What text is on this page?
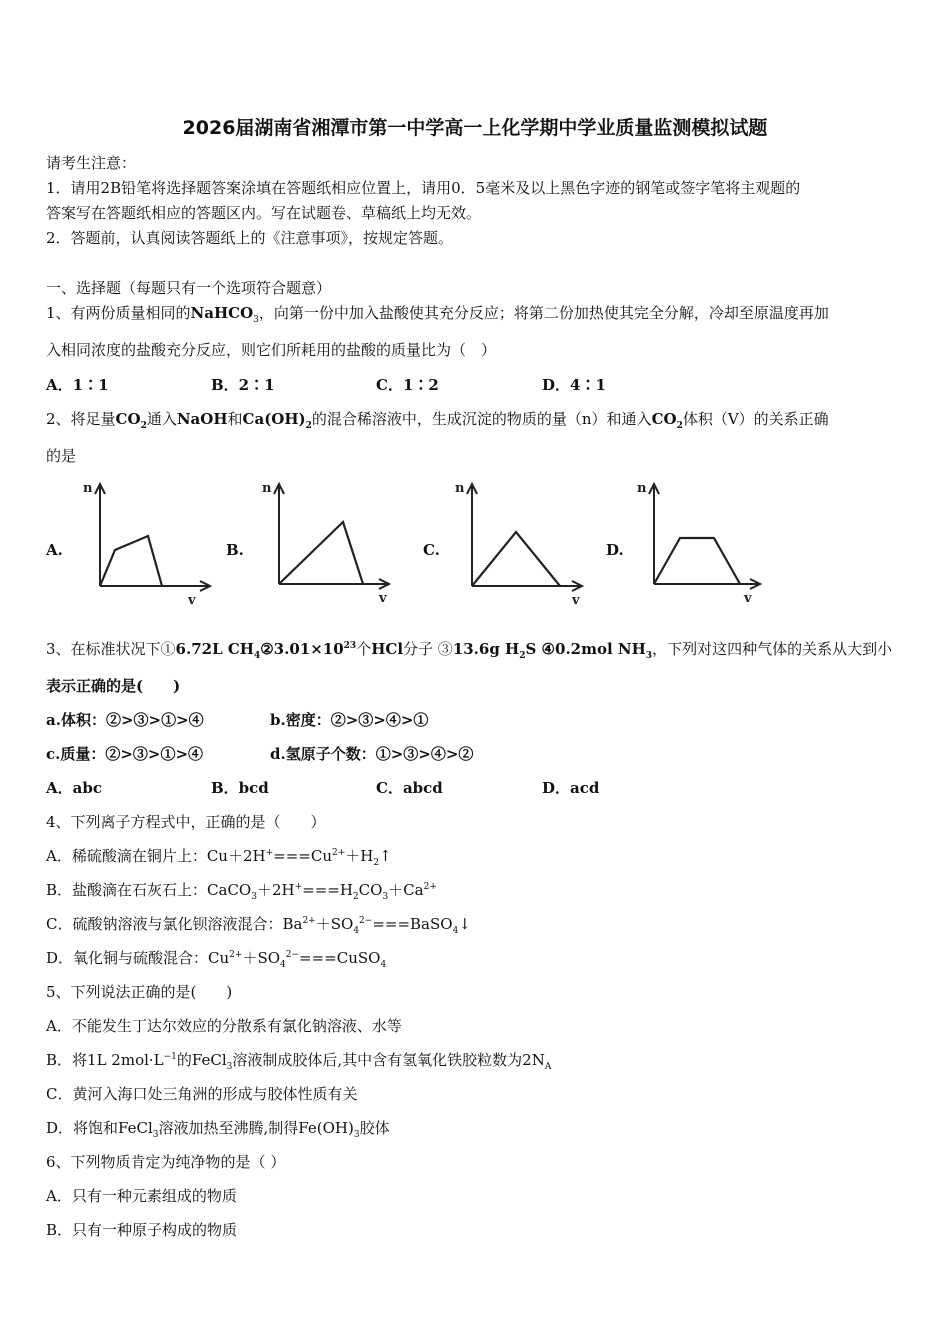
2026届湖南省湘潭市第一中学高一上化学期中学业质量监测模拟试题
请考生注意：
1．请用2B铅笔将选择题答案涂填在答题纸相应位置上，请用0．5毫米及以上黑色字迹的钢笔或签字笔将主观题的
答案写在答题纸相应的答题区内。写在试题卷、草稿纸上均无效。
2．答题前，认真阅读答题纸上的《注意事项》，按规定答题。
一、选择题（每题只有一个选项符合题意）
1、有两份质量相同的NaHCO$_3$，向第一份中加入盐酸使其充分反应；将第二份加热使其完全分解，冷却至原温度再加
入相同浓度的盐酸充分反应，则它们所耗用的盐酸的质量比为（　）
A．1∶1	B．2∶1	C．1∶2	D．4∶1
2、将足量$CO_2$通入NaOH和$Ca(OH)_2$的混合稀溶液中，生成沉淀的物质的量（n）和通入$CO_2$体积（V）的关系正确
的是
A.	B.	C.	D.
n
v
n
v
n
v
n
v
3、在标准状况下①6.72L $CH_4②3.01\times 10^{23}$个HCl分子 ③13.6g $H_2S$ ④0.2mol $NH_3$，下列对这四种气体的关系从大到小
表示正确的是(　　)
a.体积：②>③>①>④	b.密度：②>③>④>①
c.质量：②>③>①>④	d.氢原子个数：①>③>④>②
A．abc	B．bcd	C．abcd	D．acd
4、下列离子方程式中，正确的是（　　）
A．稀硫酸滴在铜片上：$Cu+2H^+===Cu^{2+}+H_2↑$
B．盐酸滴在石灰石上：$CaCO_3+2H^+===H_2CO_3+Ca^{2+}$
C．硫酸钠溶液与氯化钡溶液混合：$Ba^{2+}+SO_4^{2-}===BaSO_4↓$
D．氧化铜与硫酸混合：$Cu^{2+}+SO_4^{2-}===CuSO_4$
5、下列说法正确的是(　　)
A．不能发生丁达尔效应的分散系有氯化钠溶液、水等
B．将1L $2mol\cdot L^{-1}$的FeCl$_3$溶液制成胶体后,其中含有氢氧化铁胶粒数为$2N_A$
C．黄河入海口处三角洲的形成与胶体性质有关
D．将饱和FeCl$_3$溶液加热至沸腾,制得$Fe(OH)_3$胶体
6、下列物质肯定为纯净物的是（ ）
A．只有一种元素组成的物质
B．只有一种原子构成的物质
